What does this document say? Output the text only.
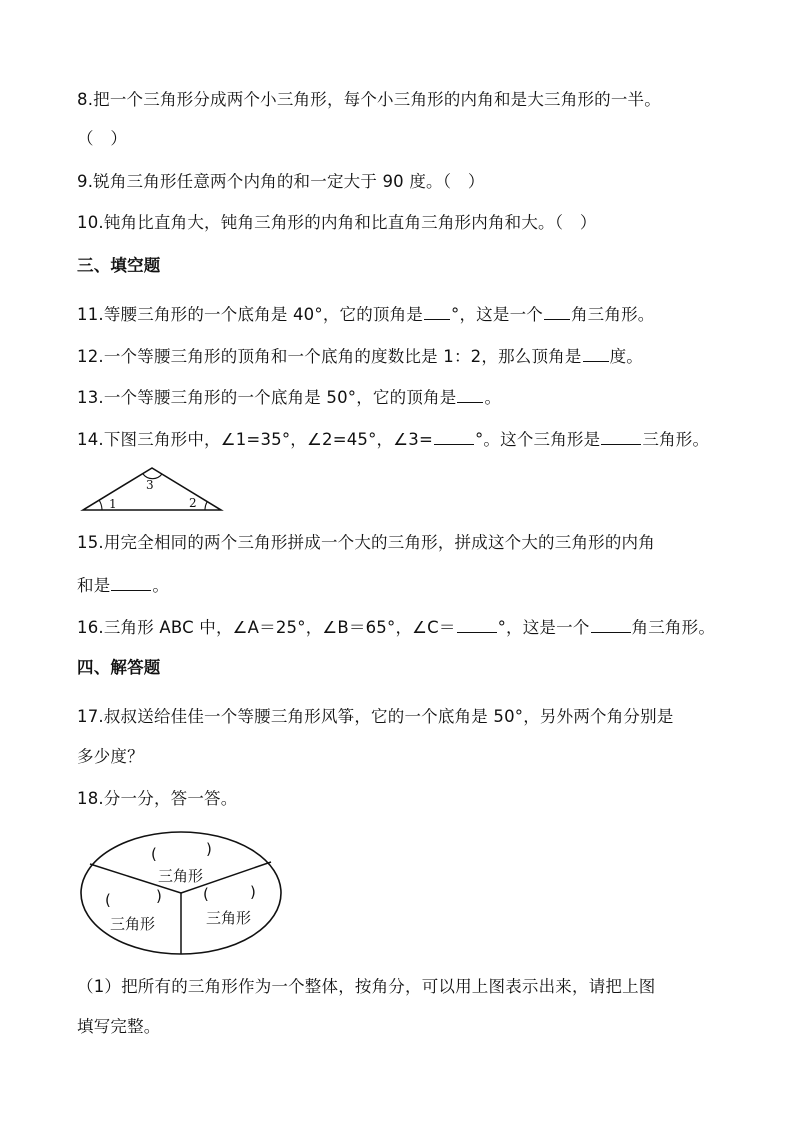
8.把一个三角形分成两个小三角形，每个小三角形的内角和是大三角形的一半。
（　）
9.锐角三角形任意两个内角的和一定大于 90 度。（　）
10.钝角比直角大，钝角三角形的内角和比直角三角形内角和大。（　）
三、填空题
11.等腰三角形的一个底角是 40°，它的顶角是 °，这是一个 角三角形。
12.一个等腰三角形的顶角和一个底角的度数比是 1：2，那么顶角是 度。
13.一个等腰三角形的一个底角是 50°，它的顶角是 。
14.下图三角形中，∠1=35°，∠2=45°，∠3=	°。这个三角形是	三角形。
1	2
3
15.用完全相同的两个三角形拼成一个大的三角形，拼成这个大的三角形的内角
和是	。
16.三角形 ABC 中，∠A＝25°，∠B＝65°，∠C＝	°，这是一个	角三角形。
四、解答题
17.叔叔送给佳佳一个等腰三角形风筝，它的一个底角是 50°，另外两个角分别是
多少度？
18.分一分，答一答。
(	)
三角形
(	)
三角形
(	)
三角形
（1）把所有的三角形作为一个整体，按角分，可以用上图表示出来，请把上图
填写完整。
